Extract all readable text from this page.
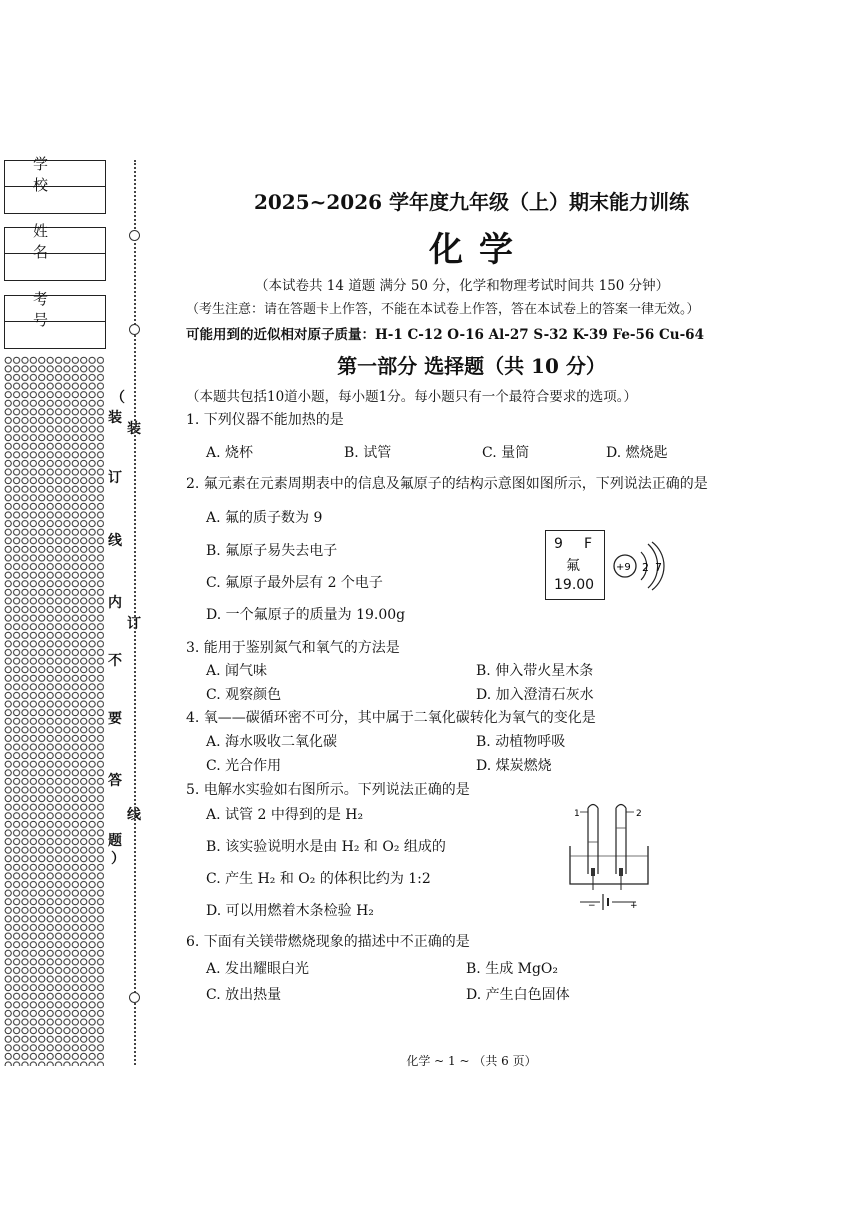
学校
姓名
考号
（
装
订
线
内
不
要
答
题
）
装
订
线
2025~2026 学年度九年级（上）期末能力训练
化学
（本试卷共 14 道题 满分 50 分，化学和物理考试时间共 150 分钟）
（考生注意：请在答题卡上作答，不能在本试卷上作答，答在本试卷上的答案一律无效。）
可能用到的近似相对原子质量：H-1 C-12 O-16 Al-27 S-32 K-39 Fe-56 Cu-64
第一部分 选择题（共 10 分）
（本题共包括10道小题，每小题1分。每小题只有一个最符合要求的选项。）
1. 下列仪器不能加热的是
A. 烧杯	B. 试管	C. 量筒	D. 燃烧匙
2. 氟元素在元素周期表中的信息及氟原子的结构示意图如图所示，下列说法正确的是
A. 氟的质子数为 9
B. 氟原子易失去电子
C. 氟原子最外层有 2 个电子
D. 一个氟原子的质量为 19.00g
9 F
氟
19.00
+9 2 7
3. 能用于鉴别氮气和氧气的方法是
A. 闻气味	B. 伸入带火星木条
C. 观察颜色	D. 加入澄清石灰水
4. 氧——碳循环密不可分，其中属于二氧化碳转化为氧气的变化是
A. 海水吸收二氧化碳	B. 动植物呼吸
C. 光合作用	D. 煤炭燃烧
5. 电解水实验如右图所示。下列说法正确的是
A. 试管 2 中得到的是 H₂
B. 该实验说明水是由 H₂ 和 O₂ 组成的
C. 产生 H₂ 和 O₂ 的体积比约为 1:2
D. 可以用燃着木条检验 H₂
1	2
−	+
6. 下面有关镁带燃烧现象的描述中不正确的是
A. 发出耀眼白光	B. 生成 MgO₂
C. 放出热量	D. 产生白色固体
化学 ~ 1 ~ （共 6 页）
